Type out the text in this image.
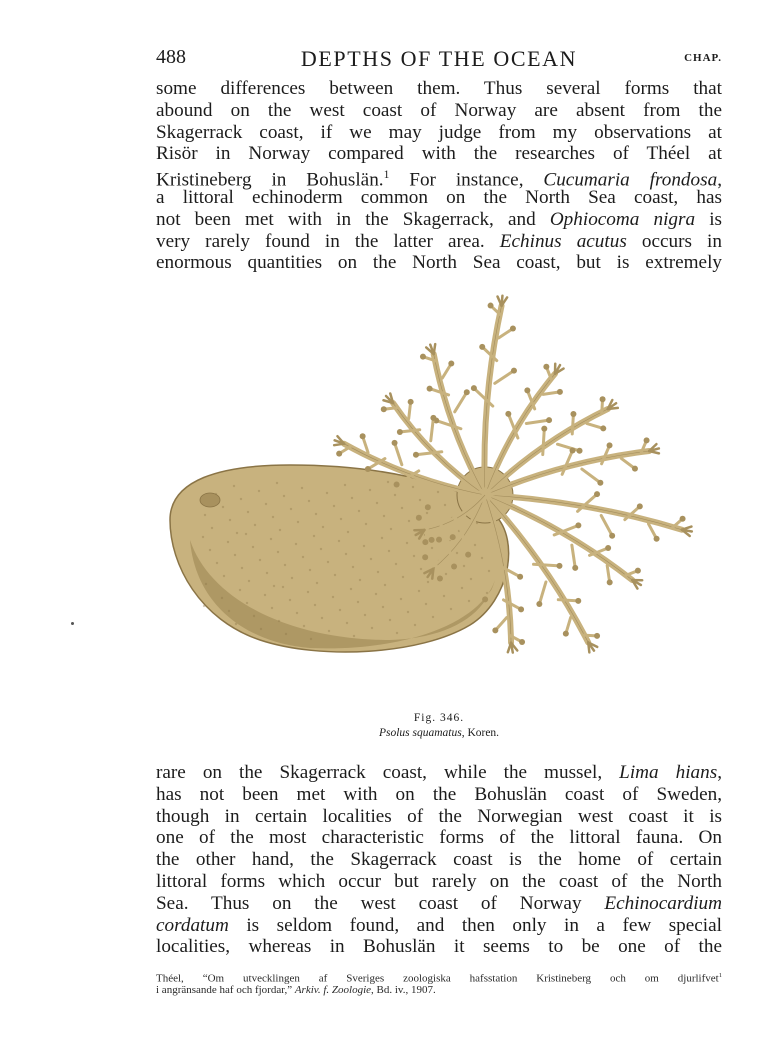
488	DEPTHS OF THE OCEAN	CHAP.
some differences between them. Thus several forms that
abound on the west coast of Norway are absent from the
Skagerrack coast, if we may judge from my observations at
Risör in Norway compared with the researches of Théel at
Kristineberg in Bohuslän.$^1$ For instance, Cucumaria frondosa,
a littoral echinoderm common on the North Sea coast, has
not been met with in the Skagerrack, and Ophiocoma nigra is
very rarely found in the latter area. Echinus acutus occurs in
enormous quantities on the North Sea coast, but is extremely
Fig. 346.
Psolus squamatus, Koren.
rare on the Skagerrack coast, while the mussel, Lima hians,
has not been met with on the Bohuslän coast of Sweden,
though in certain localities of the Norwegian west coast it is
one of the most characteristic forms of the littoral fauna. On
the other hand, the Skagerrack coast is the home of certain
littoral forms which occur but rarely on the coast of the North
Sea. Thus on the west coast of Norway Echinocardium
cordatum is seldom found, and then only in a few special
localities, whereas in Bohuslän it seems to be one of the
Théel, “Om utvecklingen af Sveriges zoologiska hafsstation Kristineberg och om djurlifvet$^1$
i angränsande haf och fjordar,” Arkiv. f. Zoologie, Bd. iv., 1907.
